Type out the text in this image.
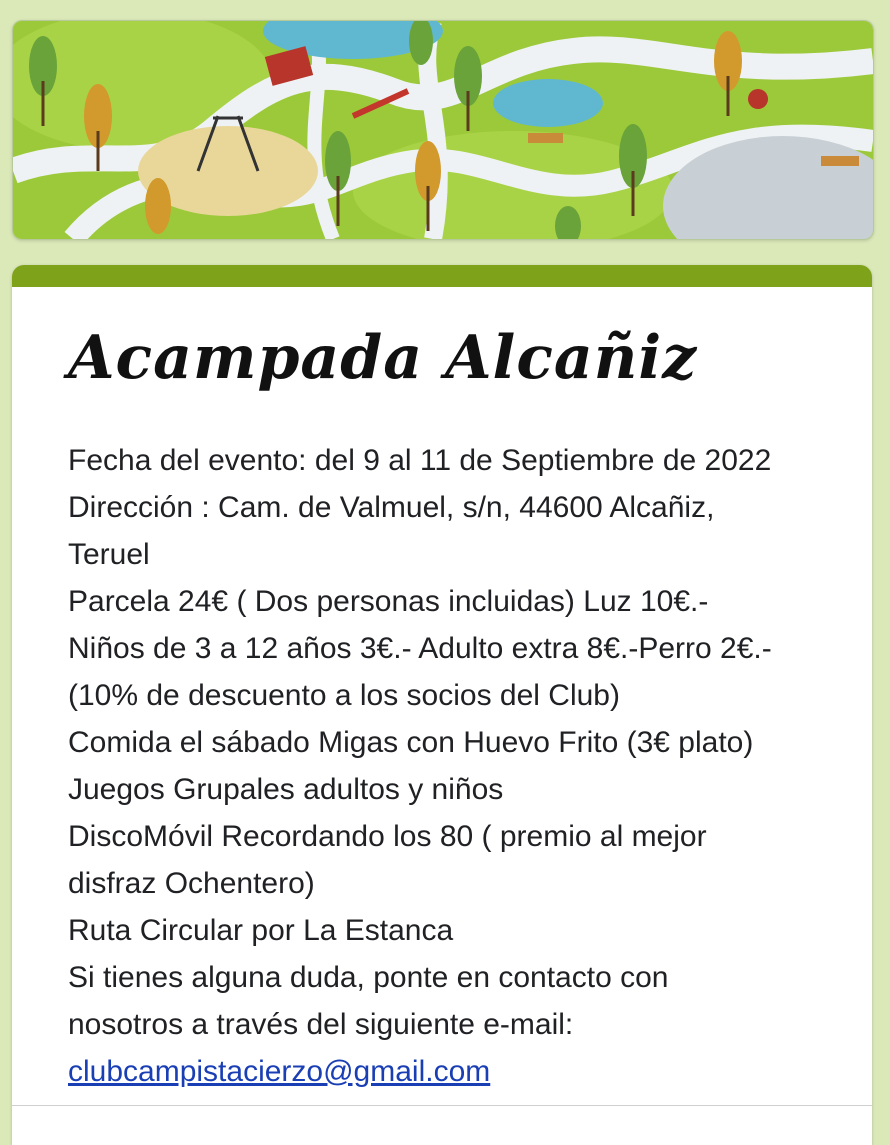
Acampada Alcañiz

Fecha del evento: del 9 al 11 de Septiembre de 2022

Dirección : Cam. de Valmuel, s/n, 44600 Alcañiz,

Teruel

Parcela 24€ ( Dos personas incluidas) Luz 10€.-

Niños de 3 a 12 años 3€.- Adulto extra 8€.-Perro 2€.-

(10% de descuento a los socios del Club)

Comida el sábado Migas con Huevo Frito (3€ plato)

Juegos Grupales adultos y niños

DiscoMóvil Recordando los 80 ( premio al mejor

disfraz Ochentero)

Ruta Circular por La Estanca

Si tienes alguna duda, ponte en contacto con

nosotros a través del siguiente e-mail:

clubcampistacierzo@gmail.com
